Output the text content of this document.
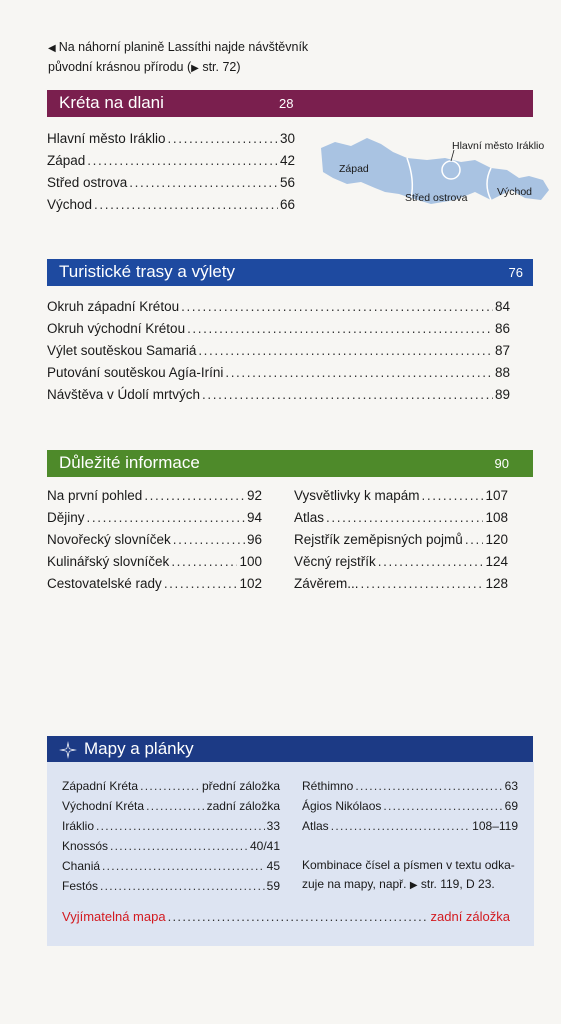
◀ Na náhorní planině Lassíthi najde návštěvník
původní krásnou přírodu (▶ str. 72)
Kréta na dlani	28
Hlavní město Iráklio .....	30
Západ .....	42
Střed ostrova .....	56
Východ .....	66
Západ
Hlavní město Iráklio
Střed ostrova	Východ
Turistické trasy a výlety	76
Okruh západní Krétou .....	84
Okruh východní Krétou .....	86
Výlet soutěskou Samariá .....	87
Putování soutěskou Agía-Iríni .....	88
Návštěva v Údolí mrtvých .....	89
Důležité informace	90
Na první pohled .....	92
Dějiny .....	94
Novořecký slovníček .....	96
Kulinářský slovníček .....	100
Cestovatelské rady .....	102
Vysvětlivky k mapám .....	107
Atlas .....	108
Rejstřík zeměpisných pojmů ..... 120
Věcný rejstřík .....	124
Závěrem... .....	128
Mapy a plánky
Západní Kréta .....	přední záložka
Východní Kréta .....	zadní záložka
Iráklio .....	33
Knossós .....	40/41
Chaniá .....	45
Festós .....	59
Réthimno .....	63
Ágios Nikólaos .....	69
Atlas .....	108–119
Kombinace čísel a písmen v textu odka-
zuje na mapy, např. ▶ str. 119, D 23.
Vyjímatelná mapa .....	zadní záložka
